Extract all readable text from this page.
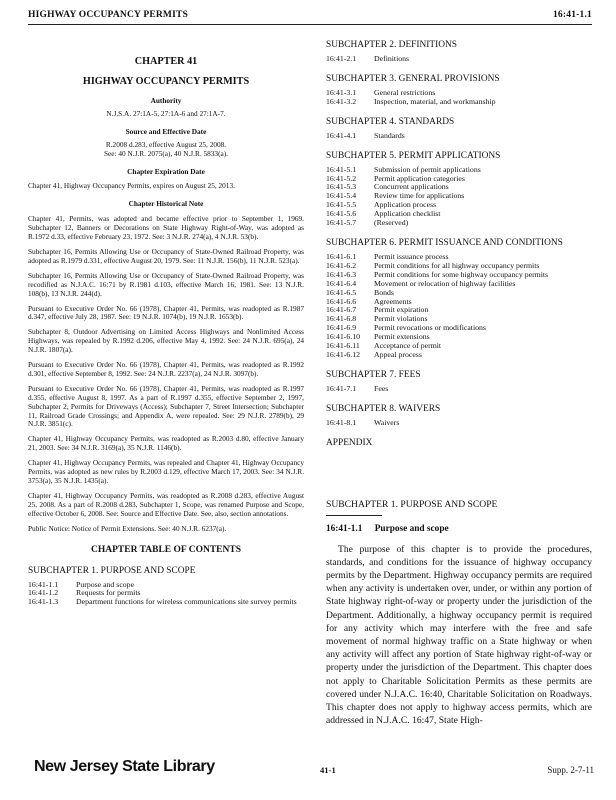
HIGHWAY OCCUPANCY PERMITS	16:41-1.1
CHAPTER 41
HIGHWAY OCCUPANCY PERMITS
Authority
N.J.S.A. 27:1A-5, 27:1A-6 and 27:1A-7.
Source and Effective Date
R.2008 d.283, effective August 25, 2008.
See: 40 N.J.R. 2075(a), 40 N.J.R. 5833(a).
Chapter Expiration Date
Chapter 41, Highway Occupancy Permits, expires on August 25, 2013.
Chapter Historical Note
Chapter 41, Permits, was adopted and became effective prior to September 1, 1969. Subchapter 12, Banners or Decorations on State Highway Right-of-Way, was adopted as R.1972 d.33, effective February 23, 1972. See: 3 N.J.R. 274(a), 4 N.J.R. 53(b).
Subchapter 16, Permits Allowing Use or Occupancy of State-Owned Railroad Property, was adopted as R.1979 d.331, effective August 20, 1979. See: 11 N.J.R. 156(b), 11 N.J.R. 523(a).
Subchapter 16, Permits Allowing Use or Occupancy of State-Owned Railroad Property, was recodified as N.J.A.C. 16:71 by R.1981 d.103, effective March 16, 1981. See: 13 N.J.R. 108(b), 13 N.J.R. 244(d).
Pursuant to Executive Order No. 66 (1978), Chapter 41, Permits, was readopted as R.1987 d.347, effective July 28, 1987. See: 19 N.J.R. 1074(b), 19 N.J.R. 1653(b).
Subchapter 8, Outdoor Advertising on Limited Access Highways and Nonlimited Access Highways, was repealed by R.1992 d.206, effective May 4, 1992. See: 24 N.J.R. 695(a), 24 N.J.R. 1807(a).
Pursuant to Executive Order No. 66 (1978), Chapter 41, Permits, was readopted as R.1992 d.301, effective September 8, 1992. See: 24 N.J.R. 2237(a), 24 N.J.R. 3097(b).
Pursuant to Executive Order No. 66 (1978), Chapter 41, Permits, was readopted as R.1997 d.355, effective August 8, 1997. As a part of R.1997 d.355, effective September 2, 1997, Subchapter 2, Permits for Driveways (Access); Subchapter 7, Street Intersection; Subchapter 11, Railroad Grade Crossings; and Appendix A, were repealed. See: 29 N.J.R. 2789(b), 29 N.J.R. 3851(c).
Chapter 41, Highway Occupancy Permits, was readopted as R.2003 d.80, effective January 21, 2003. See: 34 N.J.R. 3169(a), 35 N.J.R. 1146(b).
Chapter 41, Highway Occupancy Permits, was repealed and Chapter 41, Highway Occupancy Permits, was adopted as new rules by R.2003 d.129, effective March 17, 2003. See: 34 N.J.R. 3753(a), 35 N.J.R. 1435(a).
Chapter 41, Highway Occupancy Permits, was readopted as R.2008 d.283, effective August 25, 2008. As a part of R.2008 d.283, Subchapter 1, Scope, was renamed Purpose and Scope, effective October 6, 2008. See: Source and Effective Date. See, also, section annotations.
Public Notice: Notice of Permit Extensions. See: 40 N.J.R. 6237(a).
CHAPTER TABLE OF CONTENTS
SUBCHAPTER 1. PURPOSE AND SCOPE
16:41-1.1	Purpose and scope
16:41-1.2	Requests for permits
16:41-1.3	Department functions for wireless communications site survey permits
SUBCHAPTER 2. DEFINITIONS
16:41-2.1	Definitions
SUBCHAPTER 3. GENERAL PROVISIONS
16:41-3.1	General restrictions
16:41-3.2	Inspection, material, and workmanship
SUBCHAPTER 4. STANDARDS
16:41-4.1	Standards
SUBCHAPTER 5. PERMIT APPLICATIONS
16:41-5.1	Submission of permit applications
16:41-5.2	Permit application categories
16:41-5.3	Concurrent applications
16:41-5.4	Review time for applications
16:41-5.5	Application process
16:41-5.6	Application checklist
16:41-5.7	(Reserved)
SUBCHAPTER 6. PERMIT ISSUANCE AND CONDITIONS
16:41-6.1	Permit issuance process
16:41-6.2	Permit conditions for all highway occupancy permits
16:41-6.3	Permit conditions for some highway occupancy permits
16:41-6.4	Movement or relocation of highway facilities
16:41-6.5	Bonds
16:41-6.6	Agreements
16:41-6.7	Permit expiration
16:41-6.8	Permit violations
16:41-6.9	Permit revocations or modifications
16:41-6.10	Permit extensions
16:41-6.11	Acceptance of permit
16:41-6.12	Appeal process
SUBCHAPTER 7. FEES
16:41-7.1	Fees
SUBCHAPTER 8. WAIVERS
16:41-8.1	Waivers
APPENDIX
SUBCHAPTER 1. PURPOSE AND SCOPE
16:41-1.1 Purpose and scope
The purpose of this chapter is to provide the procedures, standards, and conditions for the issuance of highway occupancy permits by the Department. Highway occupancy permits are required when any activity is undertaken over, under, or within any portion of State highway right-of-way or property under the jurisdiction of the Department. Additionally, a highway occupancy permit is required for any activity which may interfere with the free and safe movement of normal highway traffic on a State highway or when any activity will affect any portion of State highway right-of-way or property under the jurisdiction of the Department. This chapter does not apply to Charitable Solicitation Permits as these permits are covered under N.J.A.C. 16:40, Charitable Solicitation on Roadways. This chapter does not apply to highway access permits, which are addressed in N.J.A.C. 16:47, State High-
New Jersey State Library	41-1	Supp. 2-7-11
